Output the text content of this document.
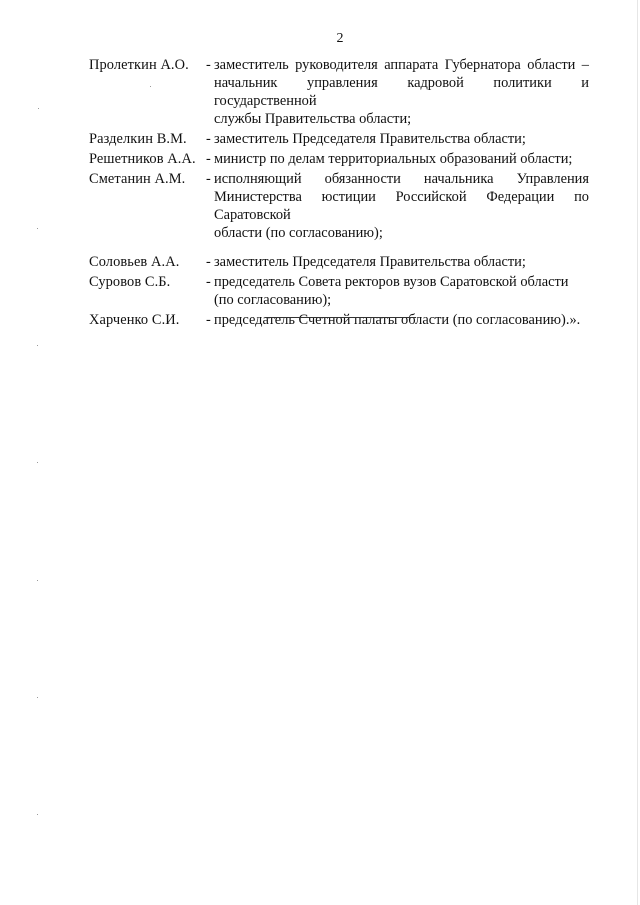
2
Пролеткин А.О.	- заместитель руководителя аппарата Губернатора области –
начальник управления кадровой политики и государственной
службы Правительства области;
Разделкин В.М.	- заместитель Председателя Правительства области;
Решетников А.А. - министр по делам территориальных образований области;
Сметанин А.М.	- исполняющий обязанности начальника Управления
Министерства юстиции Российской Федерации по Саратовской
области (по согласованию);
Соловьев А.А.	- заместитель Председателя Правительства области;
Суровов С.Б.	- председатель Совета ректоров вузов Саратовской области
(по согласованию);
Харченко С.И.	- председатель Счетной палаты области (по согласованию).».
